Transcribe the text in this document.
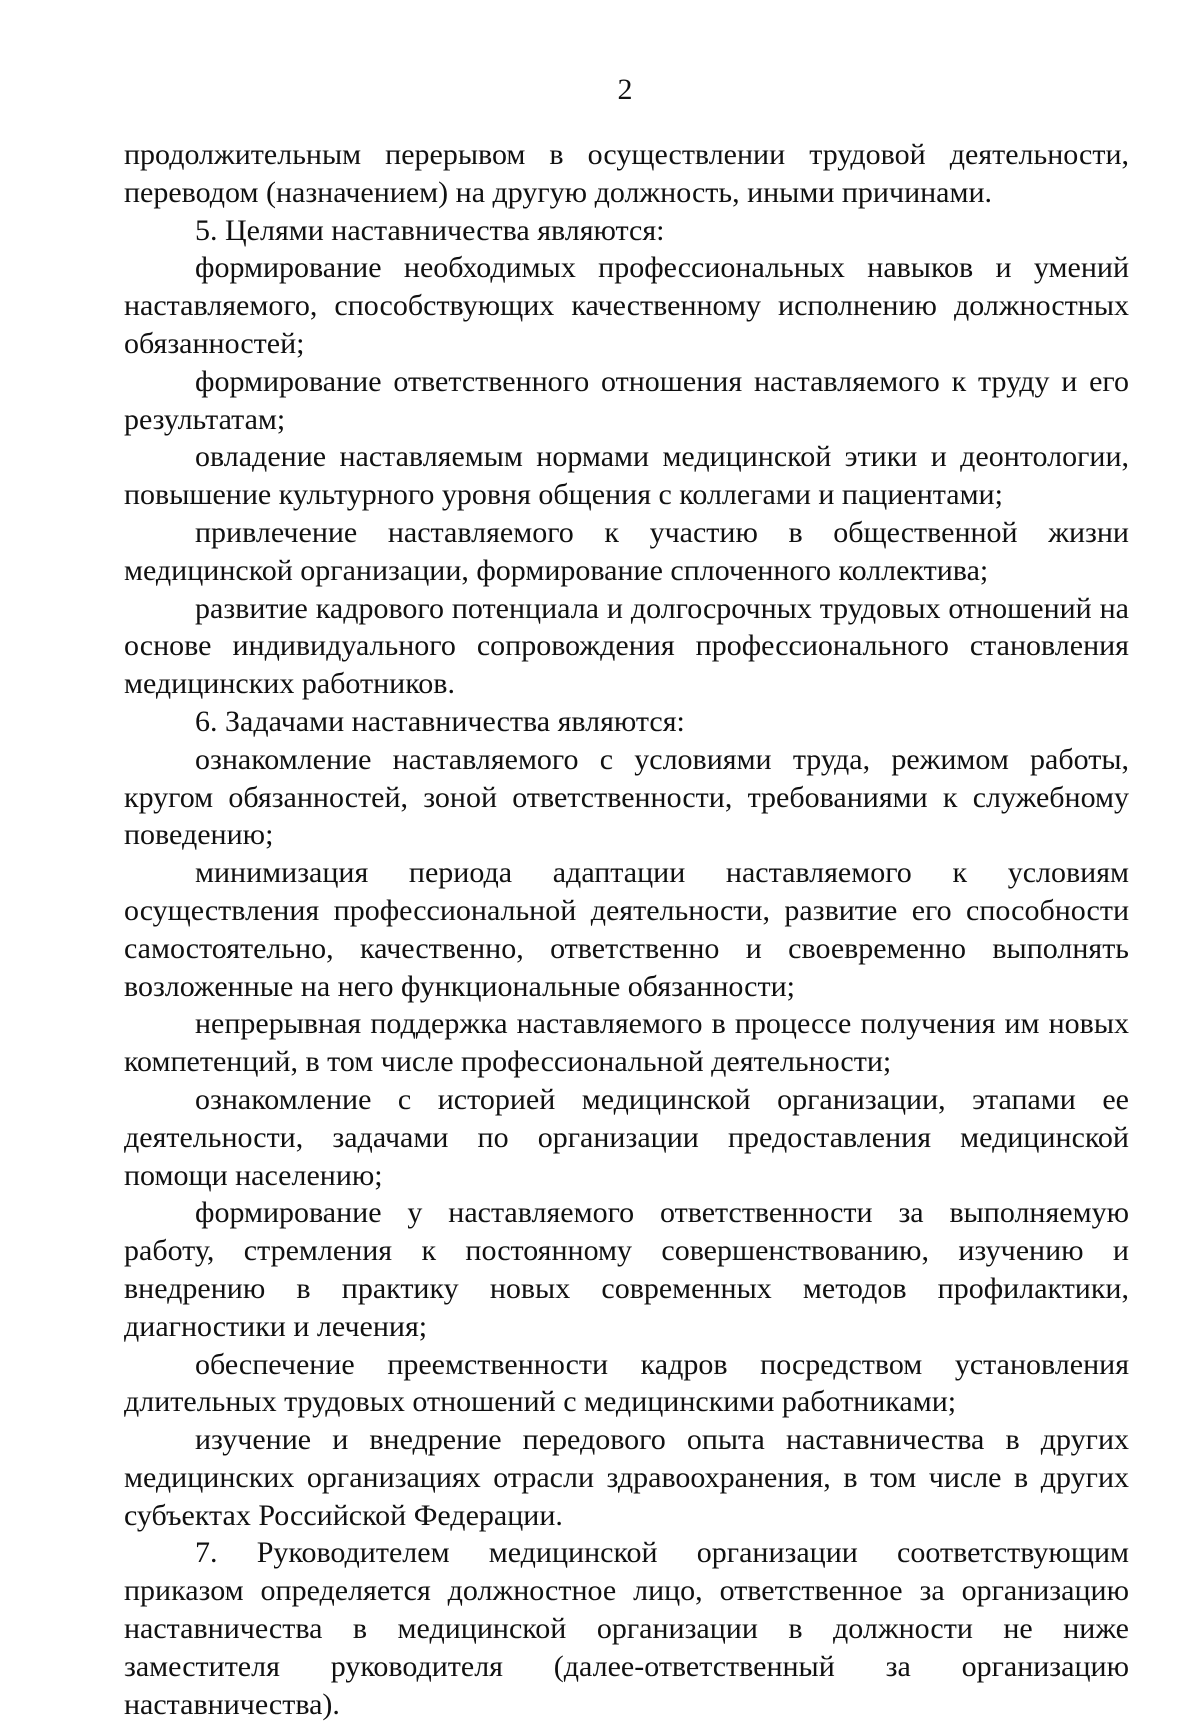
2

продолжительным перерывом в осуществлении трудовой деятельности, переводом (назначением) на другую должность, иными причинами.

5. Целями наставничества являются:

формирование необходимых профессиональных навыков и умений наставляемого, способствующих качественному исполнению должностных обязанностей;

формирование ответственного отношения наставляемого к труду и его результатам;

овладение наставляемым нормами медицинской этики и деонтологии, повышение культурного уровня общения с коллегами и пациентами;

привлечение наставляемого к участию в общественной жизни медицинской организации, формирование сплоченного коллектива;

развитие кадрового потенциала и долгосрочных трудовых отношений на основе индивидуального сопровождения профессионального становления медицинских работников.

6. Задачами наставничества являются:

ознакомление наставляемого с условиями труда, режимом работы, кругом обязанностей, зоной ответственности, требованиями к служебному поведению;

минимизация периода адаптации наставляемого к условиям осуществления профессиональной деятельности, развитие его способности самостоятельно, качественно, ответственно и своевременно выполнять возложенные на него функциональные обязанности;

непрерывная поддержка наставляемого в процессе получения им новых компетенций, в том числе профессиональной деятельности;

ознакомление с историей медицинской организации, этапами ее деятельности, задачами по организации предоставления медицинской помощи населению;

формирование у наставляемого ответственности за выполняемую работу, стремления к постоянному совершенствованию, изучению и внедрению в практику новых современных методов профилактики, диагностики и лечения;

обеспечение преемственности кадров посредством установления длительных трудовых отношений с медицинскими работниками;

изучение и внедрение передового опыта наставничества в других медицинских организациях отрасли здравоохранения, в том числе в других субъектах Российской Федерации.

7. Руководителем медицинской организации соответствующим приказом определяется должностное лицо, ответственное за организацию наставничества в медицинской организации в должности не ниже заместителя руководителя (далее-ответственный за организацию наставничества).
